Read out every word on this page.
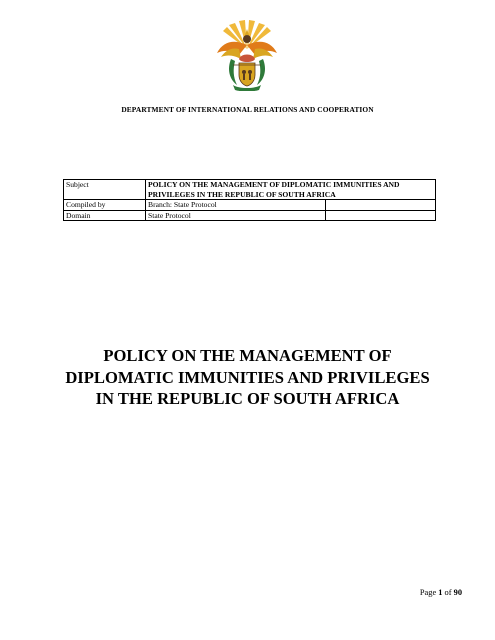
DEPARTMENT OF INTERNATIONAL RELATIONS AND COOPERATION
Subject	POLICY ON THE MANAGEMENT OF DIPLOMATIC IMMUNITIES AND PRIVILEGES IN THE REPUBLIC OF SOUTH AFRICA	
Compiled by	Branch: State Protocol	
Domain	State Protocol	
POLICY ON THE MANAGEMENT OF
DIPLOMATIC IMMUNITIES AND PRIVILEGES
IN THE REPUBLIC OF SOUTH AFRICA
Page 1 of 90
